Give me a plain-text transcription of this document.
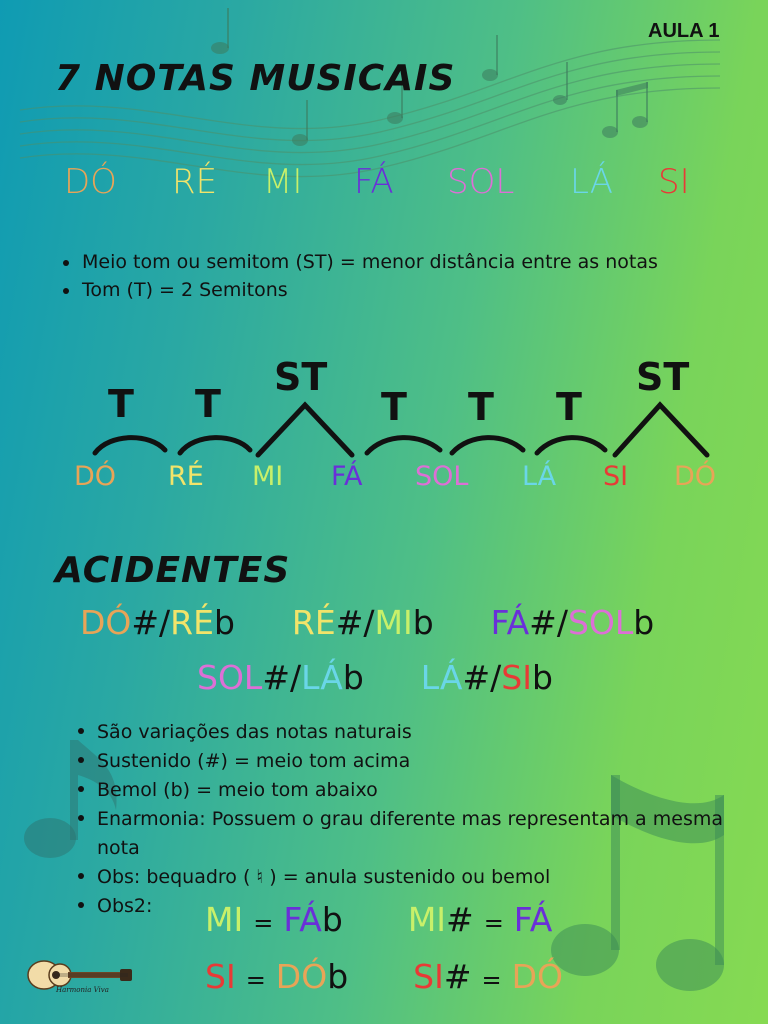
AULA 1
7 NOTAS MUSICAIS
DÓ RÉ MI FÁ SOL LÁ SI
Meio tom ou semitom (ST) = menor distância entre as notas
Tom (T) = 2 Semitons
T T
ST
T T T
ST
DÓ RÉ MI FÁ SOL LÁ SI DÓ
ACIDENTES
DÓ#/RÉb RÉ#/MIb FÁ#/SOLb
SOL#/LÁb LÁ#/SIb
São variações das notas naturais
Sustenido (#) = meio tom acima
Bemol (b) = meio tom abaixo
Enarmonia: Possuem o grau diferente mas representam a mesma nota
Obs: bequadro ( ♮ ) = anula sustenido ou bemol
Obs2:	MI = FÁb MI# = FÁ
SI = DÓb SI# = DÓ
Harmonia Viva
